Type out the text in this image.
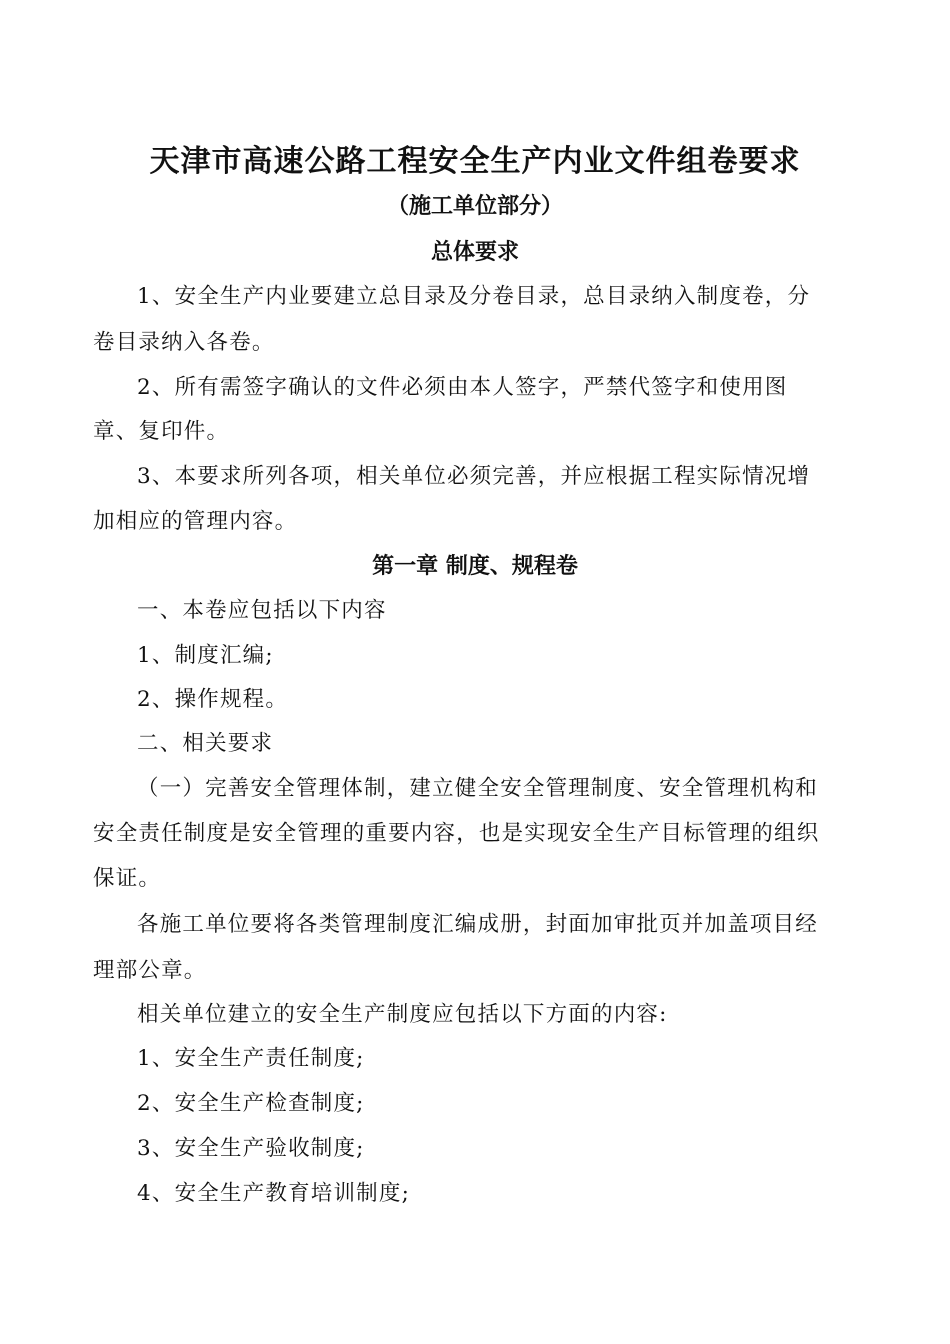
天津市高速公路工程安全生产内业文件组卷要求
（施工单位部分）
总体要求
1、安全生产内业要建立总目录及分卷目录，总目录纳入制度卷，分
卷目录纳入各卷。
2、所有需签字确认的文件必须由本人签字，严禁代签字和使用图
章、复印件。
3、本要求所列各项，相关单位必须完善，并应根据工程实际情况增
加相应的管理内容。
第一章 制度、规程卷
一、本卷应包括以下内容
1、制度汇编;
2、操作规程。
二、相关要求
（一）完善安全管理体制，建立健全安全管理制度、安全管理机构和
安全责任制度是安全管理的重要内容，也是实现安全生产目标管理的组织
保证。
各施工单位要将各类管理制度汇编成册，封面加审批页并加盖项目经
理部公章。
相关单位建立的安全生产制度应包括以下方面的内容:
1、安全生产责任制度;
2、安全生产检查制度;
3、安全生产验收制度;
4、安全生产教育培训制度;
